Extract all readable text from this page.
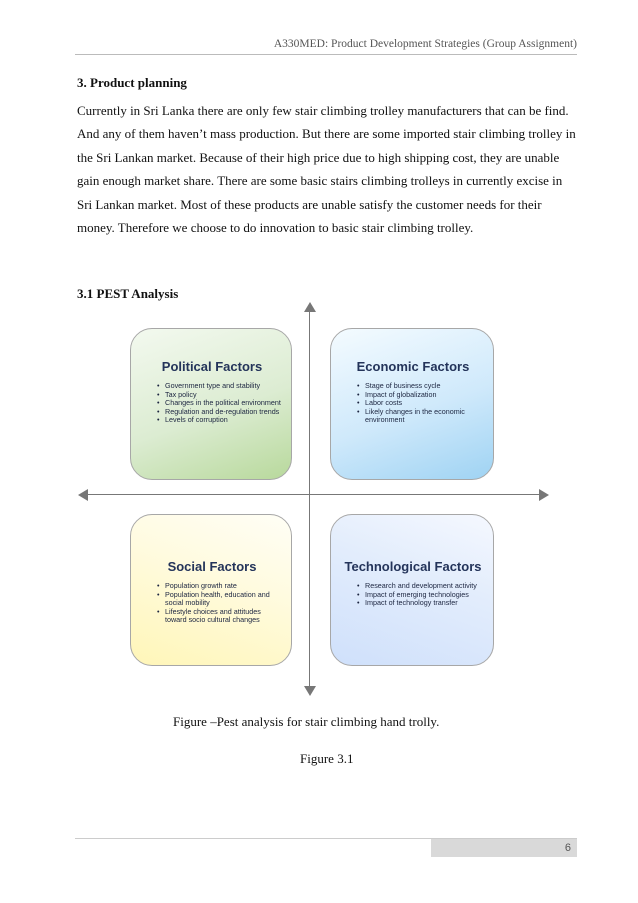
A330MED: Product Development Strategies (Group Assignment)
3. Product planning

Currently in Sri Lanka there are only few stair climbing trolley manufacturers that can be find. And any of them haven’t mass production. But there are some imported stair climbing trolley in the Sri Lankan market. Because of their high price due to high shipping cost, they are unable gain enough market share. There are some basic stairs climbing trolleys in currently excise in Sri Lankan market. Most of these products are unable satisfy the customer needs for their money. Therefore we choose to do innovation to basic stair climbing trolley.

3.1 PEST Analysis
Political Factors
• Government type and stability
• Tax policy
• Changes in the political environment
• Regulation and de-regulation trends
• Levels of corruption
Economic Factors
• Stage of business cycle
• Impact of globalization
• Labor costs
• Likely changes in the economic environment
Social Factors
• Population growth rate
• Population health, education and social mobility
• Lifestyle choices and attitudes toward socio cultural changes
Technological Factors
• Research and development activity
• Impact of emerging technologies
• Impact of technology transfer
Figure –Pest analysis for stair climbing hand trolly.
Figure 3.1
6
